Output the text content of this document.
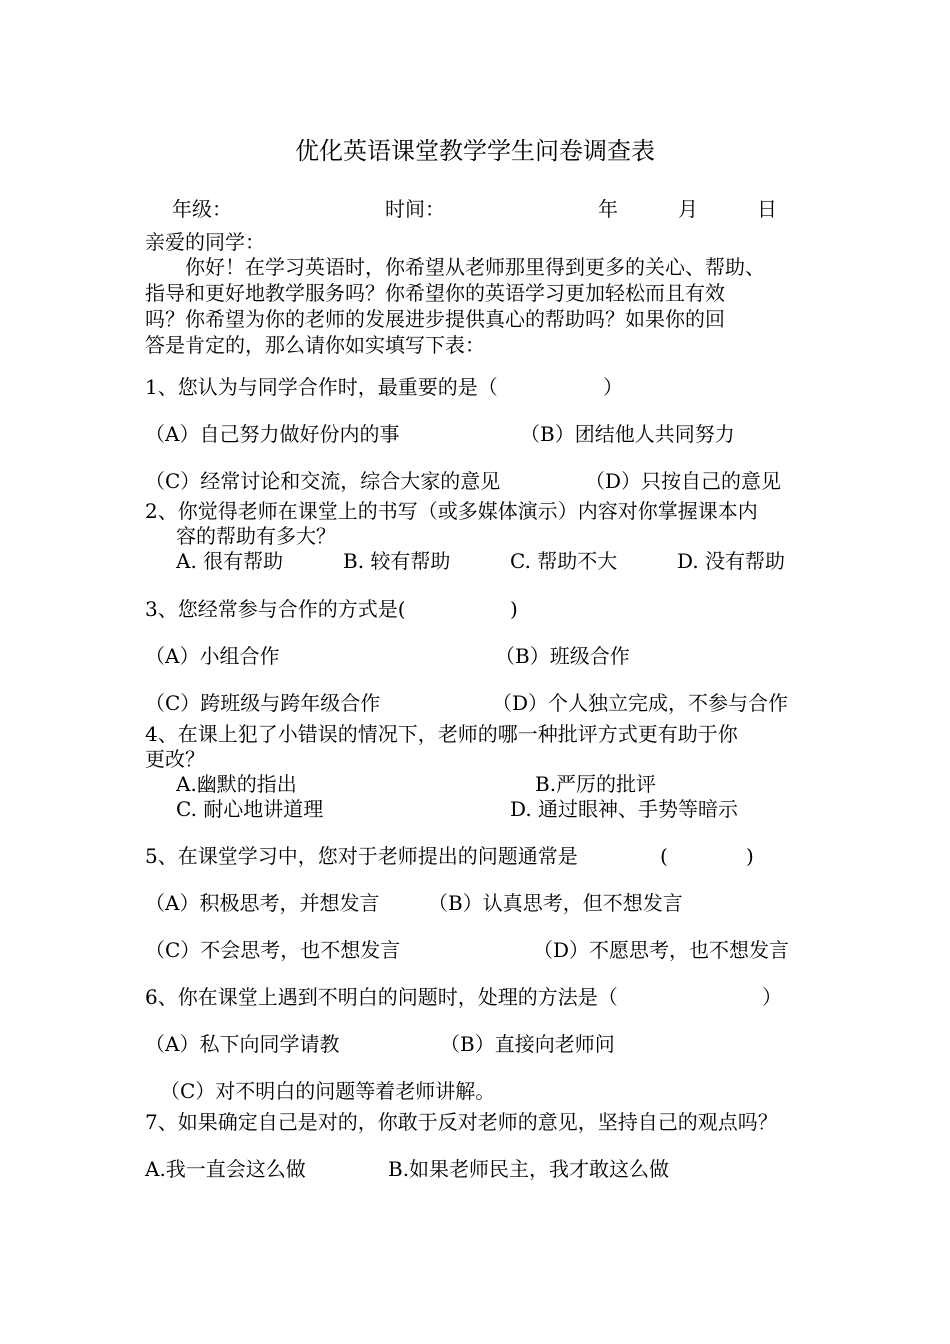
优化英语课堂教学学生问卷调查表
年级：	时间：	年	月	日
亲爱的同学：
你好！在学习英语时，你希望从老师那里得到更多的关心、帮助、
指导和更好地教学服务吗？你希望你的英语学习更加轻松而且有效
吗？你希望为你的老师的发展进步提供真心的帮助吗？如果你的回
答是肯定的，那么请你如实填写下表：
1、您认为与同学合作时，最重要的是（	）
（A）自己努力做好份内的事	（B）团结他人共同努力
（C）经常讨论和交流，综合大家的意见	（D）只按自己的意见
2、你觉得老师在课堂上的书写（或多媒体演示）内容对你掌握课本内
容的帮助有多大？
A. 很有帮助	B. 较有帮助	C. 帮助不大	D. 没有帮助
3、您经常参与合作的方式是(	)
（A）小组合作	（B）班级合作
（C）跨班级与跨年级合作	（D）个人独立完成，不参与合作
4、在课上犯了小错误的情况下，老师的哪一种批评方式更有助于你
更改？
A.幽默的指出	B.严厉的批评
C. 耐心地讲道理	D. 通过眼神、手势等暗示
5、在课堂学习中，您对于老师提出的问题通常是	(	)
（A）积极思考，并想发言 （B）认真思考，但不想发言
（C）不会思考，也不想发言	（D）不愿思考，也不想发言
6、你在课堂上遇到不明白的问题时，处理的方法是（	）
（A）私下向同学请教	（B）直接向老师问
（C）对不明白的问题等着老师讲解。
7、如果确定自己是对的，你敢于反对老师的意见，坚持自己的观点吗？
A.我一直会这么做	B.如果老师民主，我才敢这么做
